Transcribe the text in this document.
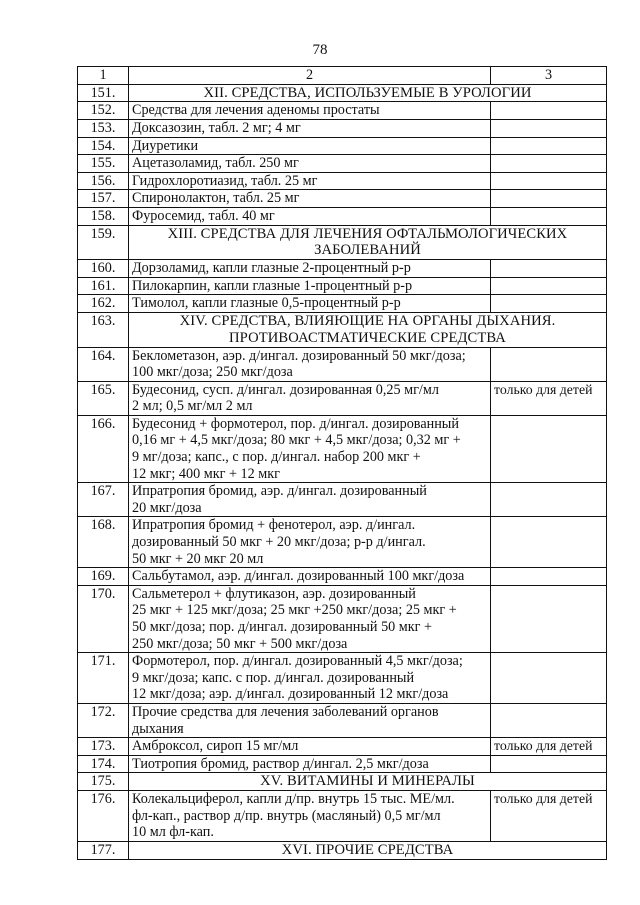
78
1	2	3
151.	XII. СРЕДСТВА, ИСПОЛЬЗУЕМЫЕ В УРОЛОГИИ	

152.	Средства для лечения аденомы простаты	

153.	Доксазозин, табл. 2 мг; 4 мг	

154.	Диуретики	

155.	Ацетазоламид, табл. 250 мг	

156.	Гидрохлоротиазид, табл. 25 мг	

157.	Спиронолактон, табл. 25 мг	

158.	Фуросемид, табл. 40 мг	

159.	XIII. СРЕДСТВА ДЛЯ ЛЕЧЕНИЯ ОФТАЛЬМОЛОГИЧЕСКИХ
ЗАБОЛЕВАНИЙ	

160.	Дорзоламид, капли глазные 2-процентный р-р	

161.	Пилокарпин, капли глазные 1-процентный р-р	

162.	Тимолол, капли глазные 0,5-процентный р-р	

163.	XIV. СРЕДСТВА, ВЛИЯЮЩИЕ НА ОРГАНЫ ДЫХАНИЯ.
ПРОТИВОАСТМАТИЧЕСКИЕ СРЕДСТВА	

164.	Беклометазон, аэр. д/ингал. дозированный 50 мкг/доза;
100 мкг/доза; 250 мкг/доза	

165.	Будесонид, сусп. д/ингал. дозированная 0,25 мг/мл
2 мл; 0,5 мг/мл 2 мл	только для детей
166.	Будесонид + формотерол, пор. д/ингал. дозированный
0,16 мг + 4,5 мкг/доза; 80 мкг + 4,5 мкг/доза; 0,32 мг +
9 мг/доза; капс., с пор. д/ингал. набор 200 мкг +
12 мкг; 400 мкг + 12 мкг	

167.	Ипратропия бромид, аэр. д/ингал. дозированный
20 мкг/доза	

168.	Ипратропия бромид + фенотерол, аэр. д/ингал.
дозированный 50 мкг + 20 мкг/доза; р-р д/ингал.
50 мкг + 20 мкг 20 мл	

169.	Сальбутамол, аэр. д/ингал. дозированный 100 мкг/доза	

170.	Сальметерол + флутиказон, аэр. дозированный
25 мкг + 125 мкг/доза; 25 мкг +250 мкг/доза; 25 мкг +
50 мкг/доза; пор. д/ингал. дозированный 50 мкг +
250 мкг/доза; 50 мкг + 500 мкг/доза	

171.	Формотерол, пор. д/ингал. дозированный 4,5 мкг/доза;
9 мкг/доза; капс. с пор. д/ингал. дозированный
12 мкг/доза; аэр. д/ингал. дозированный 12 мкг/доза	

172.	Прочие средства для лечения заболеваний органов
дыхания	

173.	Амброксол, сироп 15 мг/мл	только для детей
174.	Тиотропия бромид, раствор д/ингал. 2,5 мкг/доза	

175.	XV. ВИТАМИНЫ И МИНЕРАЛЫ	

176.	Колекальциферол, капли д/пр. внутрь 15 тыс. МЕ/мл.
фл-кап., раствор д/пр. внутрь (масляный) 0,5 мг/мл
10 мл фл-кап.	только для детей
177.	XVI. ПРОЧИЕ СРЕДСТВА	
